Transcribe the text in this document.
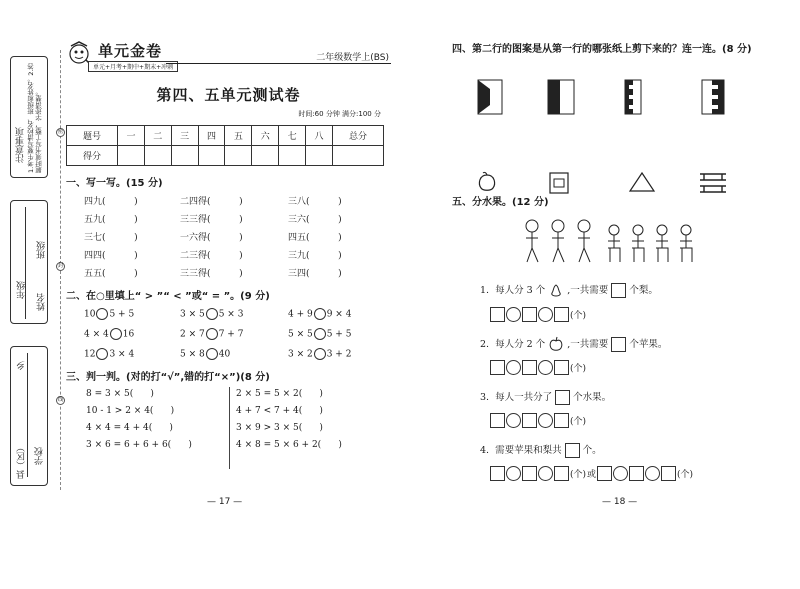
注意事项 1.考生要写清校名、班级和姓名。2.答题时须书写工整，字迹清楚。
年级
班级
姓名
县（区）
乡
学校
密
封
线
单元金卷
单元+月考+期中+期末+冲刺
二年级数学上(BS)
第四、五单元测试卷
时间:60 分钟 满分:100 分
题号	一	二	三	四	五	六	七	八	总分
得分									
一、写一写。(15 分)
四九(          )	二四得(          )	三八(          )
五九(          )	三三得(          )	三六(          )
三七(          )	一六得(          )	四五(          )
四四(          )	二三得(          )	三九(          )
五五(          )	三三得(          )	三四(          )
二、在○里填上“ > ”“ < ”或“ = ”。(9 分)
10 5 + 5	3 × 5 5 × 3	4 + 9 9 × 4
4 × 4 16	2 × 7 7 + 7	5 × 5 5 + 5
12 3 × 4	5 × 8 40	3 × 2 3 + 2
三、判一判。(对的打“√”,错的打“×”)(8 分)
8 = 3 × 5(      )	2 × 5 = 5 × 2(      )
10 - 1 > 2 × 4(      )	4 + 7 < 7 + 4(      )
4 × 4 = 4 + 4(      )	3 × 9 > 3 × 5(      )
3 × 6 = 6 + 6 + 6(      )	4 × 8 = 5 × 6 + 2(      )
— 17 —
四、第二行的图案是从第一行的哪张纸上剪下来的？连一连。(8 分)
五、分水果。(12 分)
1.  每人分 3 个 ,一共需要 个梨。
(个)
2.  每人分 2 个 ,一共需要 个苹果。
(个)
3.  每人一共分了 个水果。
(个)
4.  需要苹果和梨共 个。
(个) 或	(个)
— 18 —
